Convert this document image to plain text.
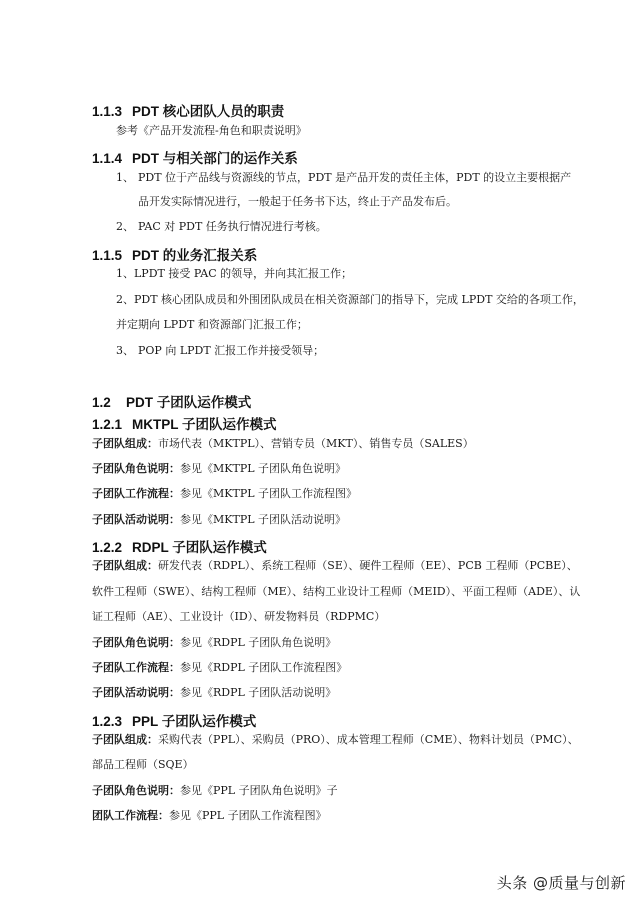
1.1.3 PDT 核心团队人员的职责
参考《产品开发流程-角色和职责说明》
1.1.4 PDT 与相关部门的运作关系
1、 PDT 位于产品线与资源线的节点，PDT 是产品开发的责任主体，PDT 的设立主要根据产
品开发实际情况进行，一般起于任务书下达，终止于产品发布后。
2、 PAC 对 PDT 任务执行情况进行考核。
1.1.5 PDT 的业务汇报关系
1、LPDT 接受 PAC 的领导，并向其汇报工作；
2、PDT 核心团队成员和外围团队成员在相关资源部门的指导下，完成 LPDT 交给的各项工作，
并定期向 LPDT 和资源部门汇报工作；
3、 POP 向 LPDT 汇报工作并接受领导；
1.2 PDT 子团队运作模式
1.2.1 MKTPL 子团队运作模式
子团队组成：市场代表（MKTPL）、营销专员（MKT）、销售专员（SALES）
子团队角色说明：参见《MKTPL 子团队角色说明》
子团队工作流程：参见《MKTPL 子团队工作流程图》
子团队活动说明：参见《MKTPL 子团队活动说明》
1.2.2 RDPL 子团队运作模式
子团队组成：研发代表（RDPL）、系统工程师（SE）、硬件工程师（EE）、PCB 工程师（PCBE）、
软件工程师（SWE）、结构工程师（ME）、结构工业设计工程师（MEID）、平面工程师（ADE）、认
证工程师（AE）、工业设计（ID）、研发物料员（RDPMC）
子团队角色说明：参见《RDPL 子团队角色说明》
子团队工作流程：参见《RDPL 子团队工作流程图》
子团队活动说明：参见《RDPL 子团队活动说明》
1.2.3 PPL 子团队运作模式
子团队组成：采购代表（PPL）、采购员（PRO）、成本管理工程师（CME）、物料计划员（PMC）、
部品工程师（SQE）
子团队角色说明：参见《PPL 子团队角色说明》子
团队工作流程：参见《PPL 子团队工作流程图》
头条 @质量与创新
